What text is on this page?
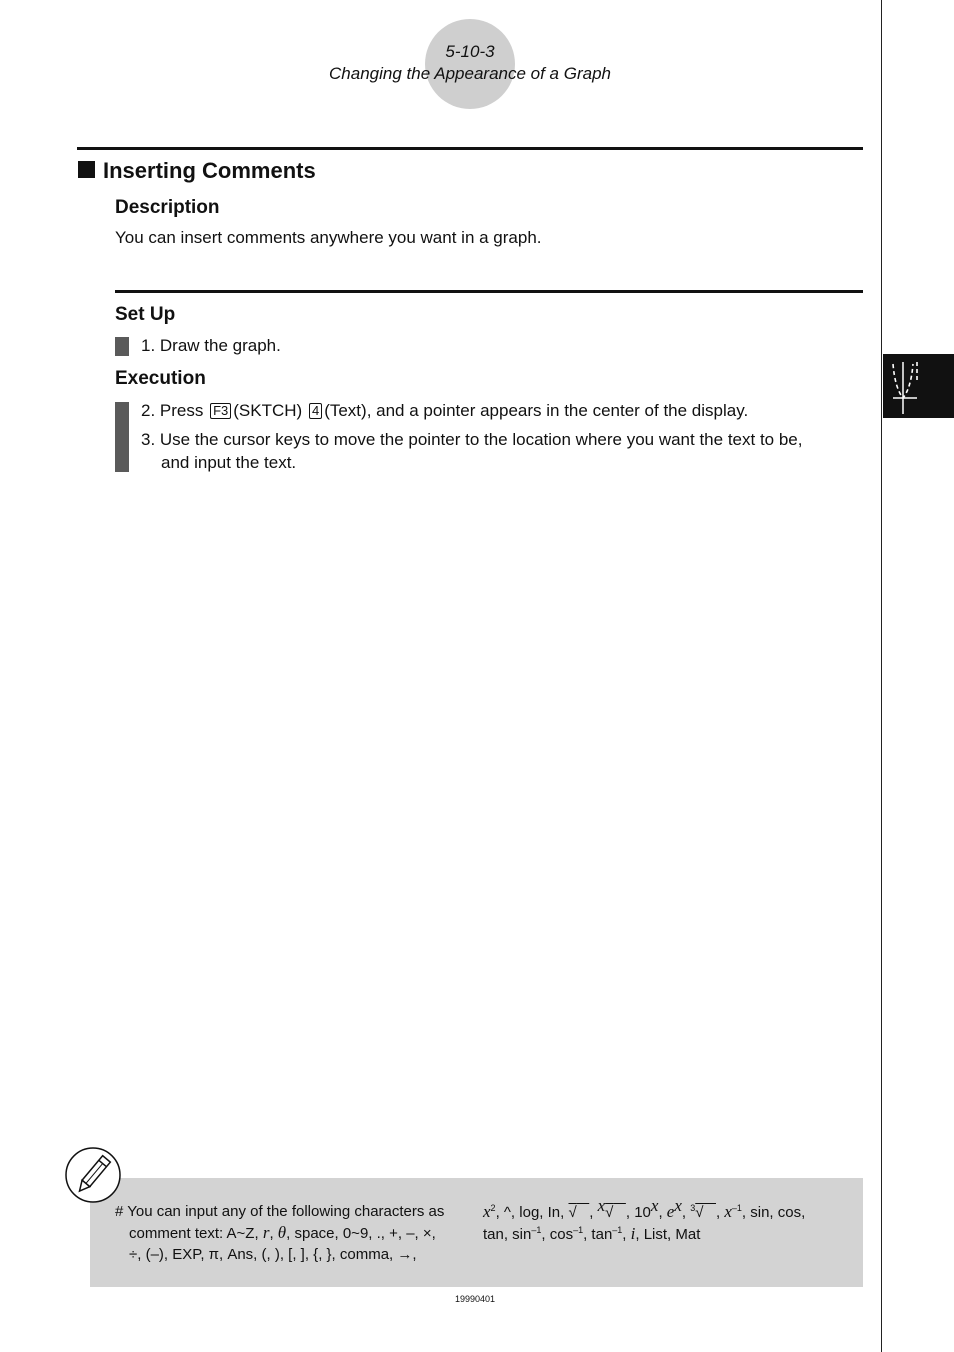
5-10-3
Changing the Appearance of a Graph
Inserting Comments
Description
You can insert comments anywhere you want in a graph.
Set Up
1. Draw the graph.
Execution
2. Press F3 (SKTCH) 4 (Text), and a pointer appears in the center of the display.
3. Use the cursor keys to move the pointer to the location where you want the text to be,
and input the text.
# You can input any of the following characters as
comment text: A~Z, r, θ, space, 0~9, ., +, –, ×,
÷, (–), EXP, π, Ans, (, ), [, ], {, }, comma, →,
$x^2$, ^, log, In, √ , $^x$√ , 10$^x$, $e^x$, $^3$√ , $x^{-1}$, sin, cos,
tan, $\sin^{-1}$, $\cos^{-1}$, $\tan^{-1}$, i, List, Mat
19990401
